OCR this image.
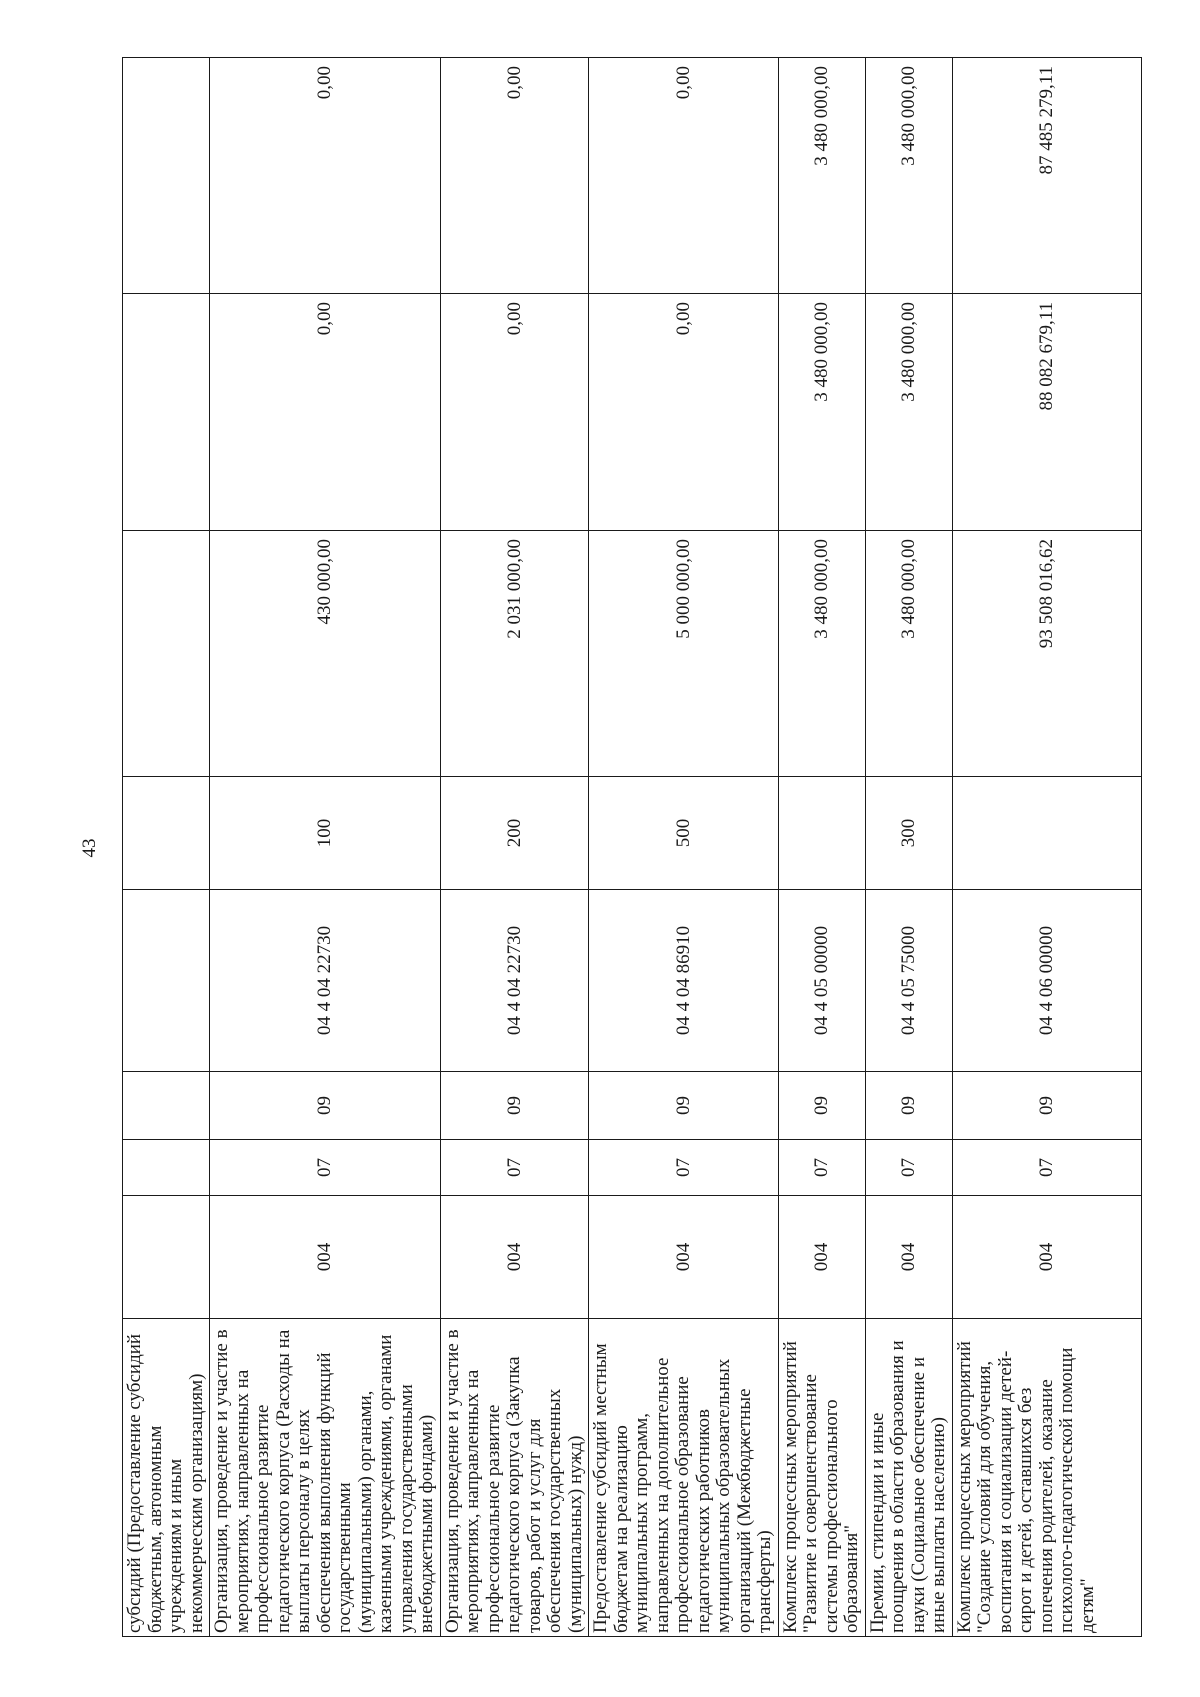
43
субсидий (Предоставление субсидий бюджетным, автономным учреждениям и иным некоммерческим организациям)								
Организация, проведение и участие в мероприятиях, направленных на профессиональное развитие педагогического корпуса (Расходы на выплаты персоналу в целях обеспечения выполнения функций государственными (муниципальными) органами, казенными учреждениями, органами управления государственными внебюджетными фондами)	004	07	09	04 4 04 22730	100	430 000,00	0,00	0,00
Организация, проведение и участие в мероприятиях, направленных на профессиональное развитие педагогического корпуса (Закупка товаров, работ и услуг для обеспечения государственных (муниципальных) нужд)	004	07	09	04 4 04 22730	200	2 031 000,00	0,00	0,00
Предоставление субсидий местным бюджетам на реализацию муниципальных программ, направленных на дополнительное профессиональное образование педагогических работников муниципальных образовательных организаций (Межбюджетные трансферты)	004	07	09	04 4 04 86910	500	5 000 000,00	0,00	0,00
Комплекс процессных мероприятий "Развитие и совершенствование системы профессионального образования"	004	07	09	04 4 05 00000		3 480 000,00	3 480 000,00	3 480 000,00
Премии, стипендии и иные поощрения в области образования и науки (Социальное обеспечение и иные выплаты населению)	004	07	09	04 4 05 75000	300	3 480 000,00	3 480 000,00	3 480 000,00
Комплекс процессных мероприятий "Создание условий для обучения, воспитания и социализации детей-сирот и детей, оставшихся без попечения родителей, оказание психолого-педагогической помощи детям"	004	07	09	04 4 06 00000		93 508 016,62	88 082 679,11	87 485 279,11
